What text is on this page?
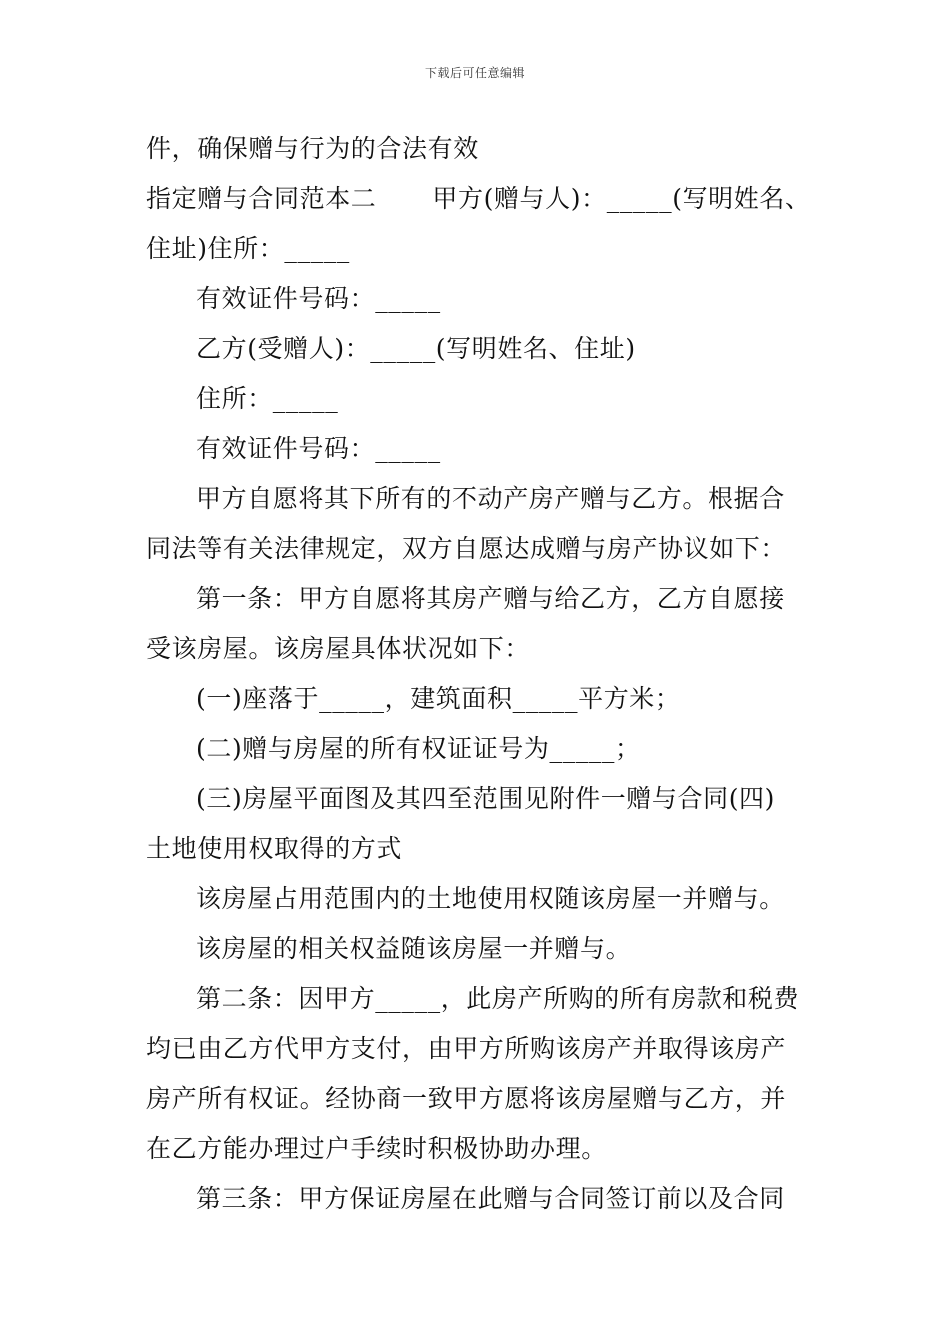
下载后可任意编辑
件，确保赠与行为的合法有效
指定赠与合同范本二 甲方(赠与人)：_____(写明姓名、
住址)住所：_____
有效证件号码：_____
乙方(受赠人)：_____(写明姓名、住址)
住所：_____
有效证件号码：_____
甲方自愿将其下所有的不动产房产赠与乙方。根据合
同法等有关法律规定，双方自愿达成赠与房产协议如下：
第一条：甲方自愿将其房产赠与给乙方，乙方自愿接
受该房屋。该房屋具体状况如下：
(一)座落于_____，建筑面积_____平方米；
(二)赠与房屋的所有权证证号为_____；
(三)房屋平面图及其四至范围见附件一赠与合同(四)
土地使用权取得的方式
该房屋占用范围内的土地使用权随该房屋一并赠与。
该房屋的相关权益随该房屋一并赠与。
第二条：因甲方_____，此房产所购的所有房款和税费
均已由乙方代甲方支付，由甲方所购该房产并取得该房产
房产所有权证。经协商一致甲方愿将该房屋赠与乙方，并
在乙方能办理过户手续时积极协助办理。
第三条：甲方保证房屋在此赠与合同签订前以及合同
